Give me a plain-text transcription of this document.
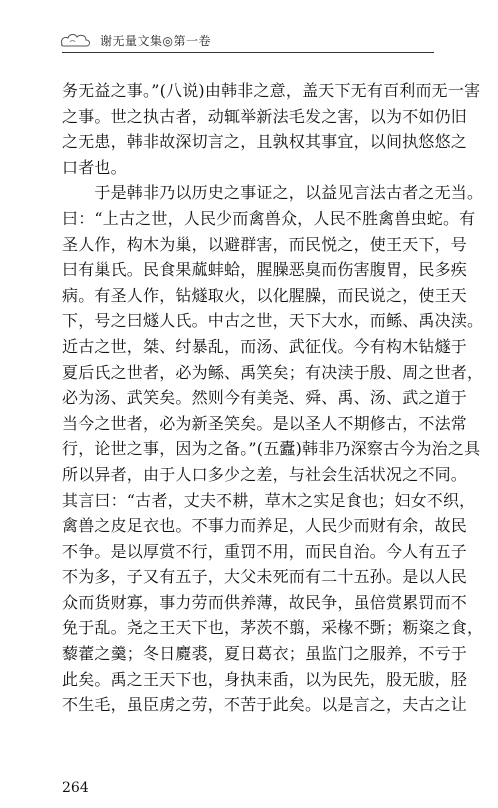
谢无量文集◎第一卷
务无益之事。”(八说)由韩非之意，盖天下无有百利而无一害
之事。世之执古者，动辄举新法毛发之害，以为不如仍旧
之无患，韩非故深切言之，且孰权其事宜，以间执悠悠之
口者也。
　　于是韩非乃以历史之事证之，以益见言法古者之无当。
曰：“上古之世，人民少而禽兽众，人民不胜禽兽虫蛇。有
圣人作，构木为巢，以避群害，而民悦之，使王天下，号
曰有巢氏。民食果蓏蚌蛤，腥臊恶臭而伤害腹胃，民多疾
病。有圣人作，钻燧取火，以化腥臊，而民说之，使王天
下，号之曰燧人氏。中古之世，天下大水，而鲧、禹决渎。
近古之世，桀、纣暴乱，而汤、武征伐。今有构木钻燧于
夏后氏之世者，必为鲧、禹笑矣；有决渎于殷、周之世者，
必为汤、武笑矣。然则今有美尧、舜、禹、汤、武之道于
当今之世者，必为新圣笑矣。是以圣人不期修古，不法常
行，论世之事，因为之备。”(五蠹)韩非乃深察古今为治之具
所以异者，由于人口多少之差，与社会生活状况之不同。
其言曰：“古者，丈夫不耕，草木之实足食也；妇女不织，
禽兽之皮足衣也。不事力而养足，人民少而财有余，故民
不争。是以厚赏不行，重罚不用，而民自治。今人有五子
不为多，子又有五子，大父未死而有二十五孙。是以人民
众而货财寡，事力劳而供养薄，故民争，虽倍赏累罚而不
免于乱。尧之王天下也，茅茨不翦，采椽不斲；粝粢之食，
藜藿之羹；冬日麑裘，夏日葛衣；虽监门之服养，不亏于
此矣。禹之王天下也，身执耒臿，以为民先，股无胈，胫
不生毛，虽臣虏之劳，不苦于此矣。以是言之，夫古之让
264
